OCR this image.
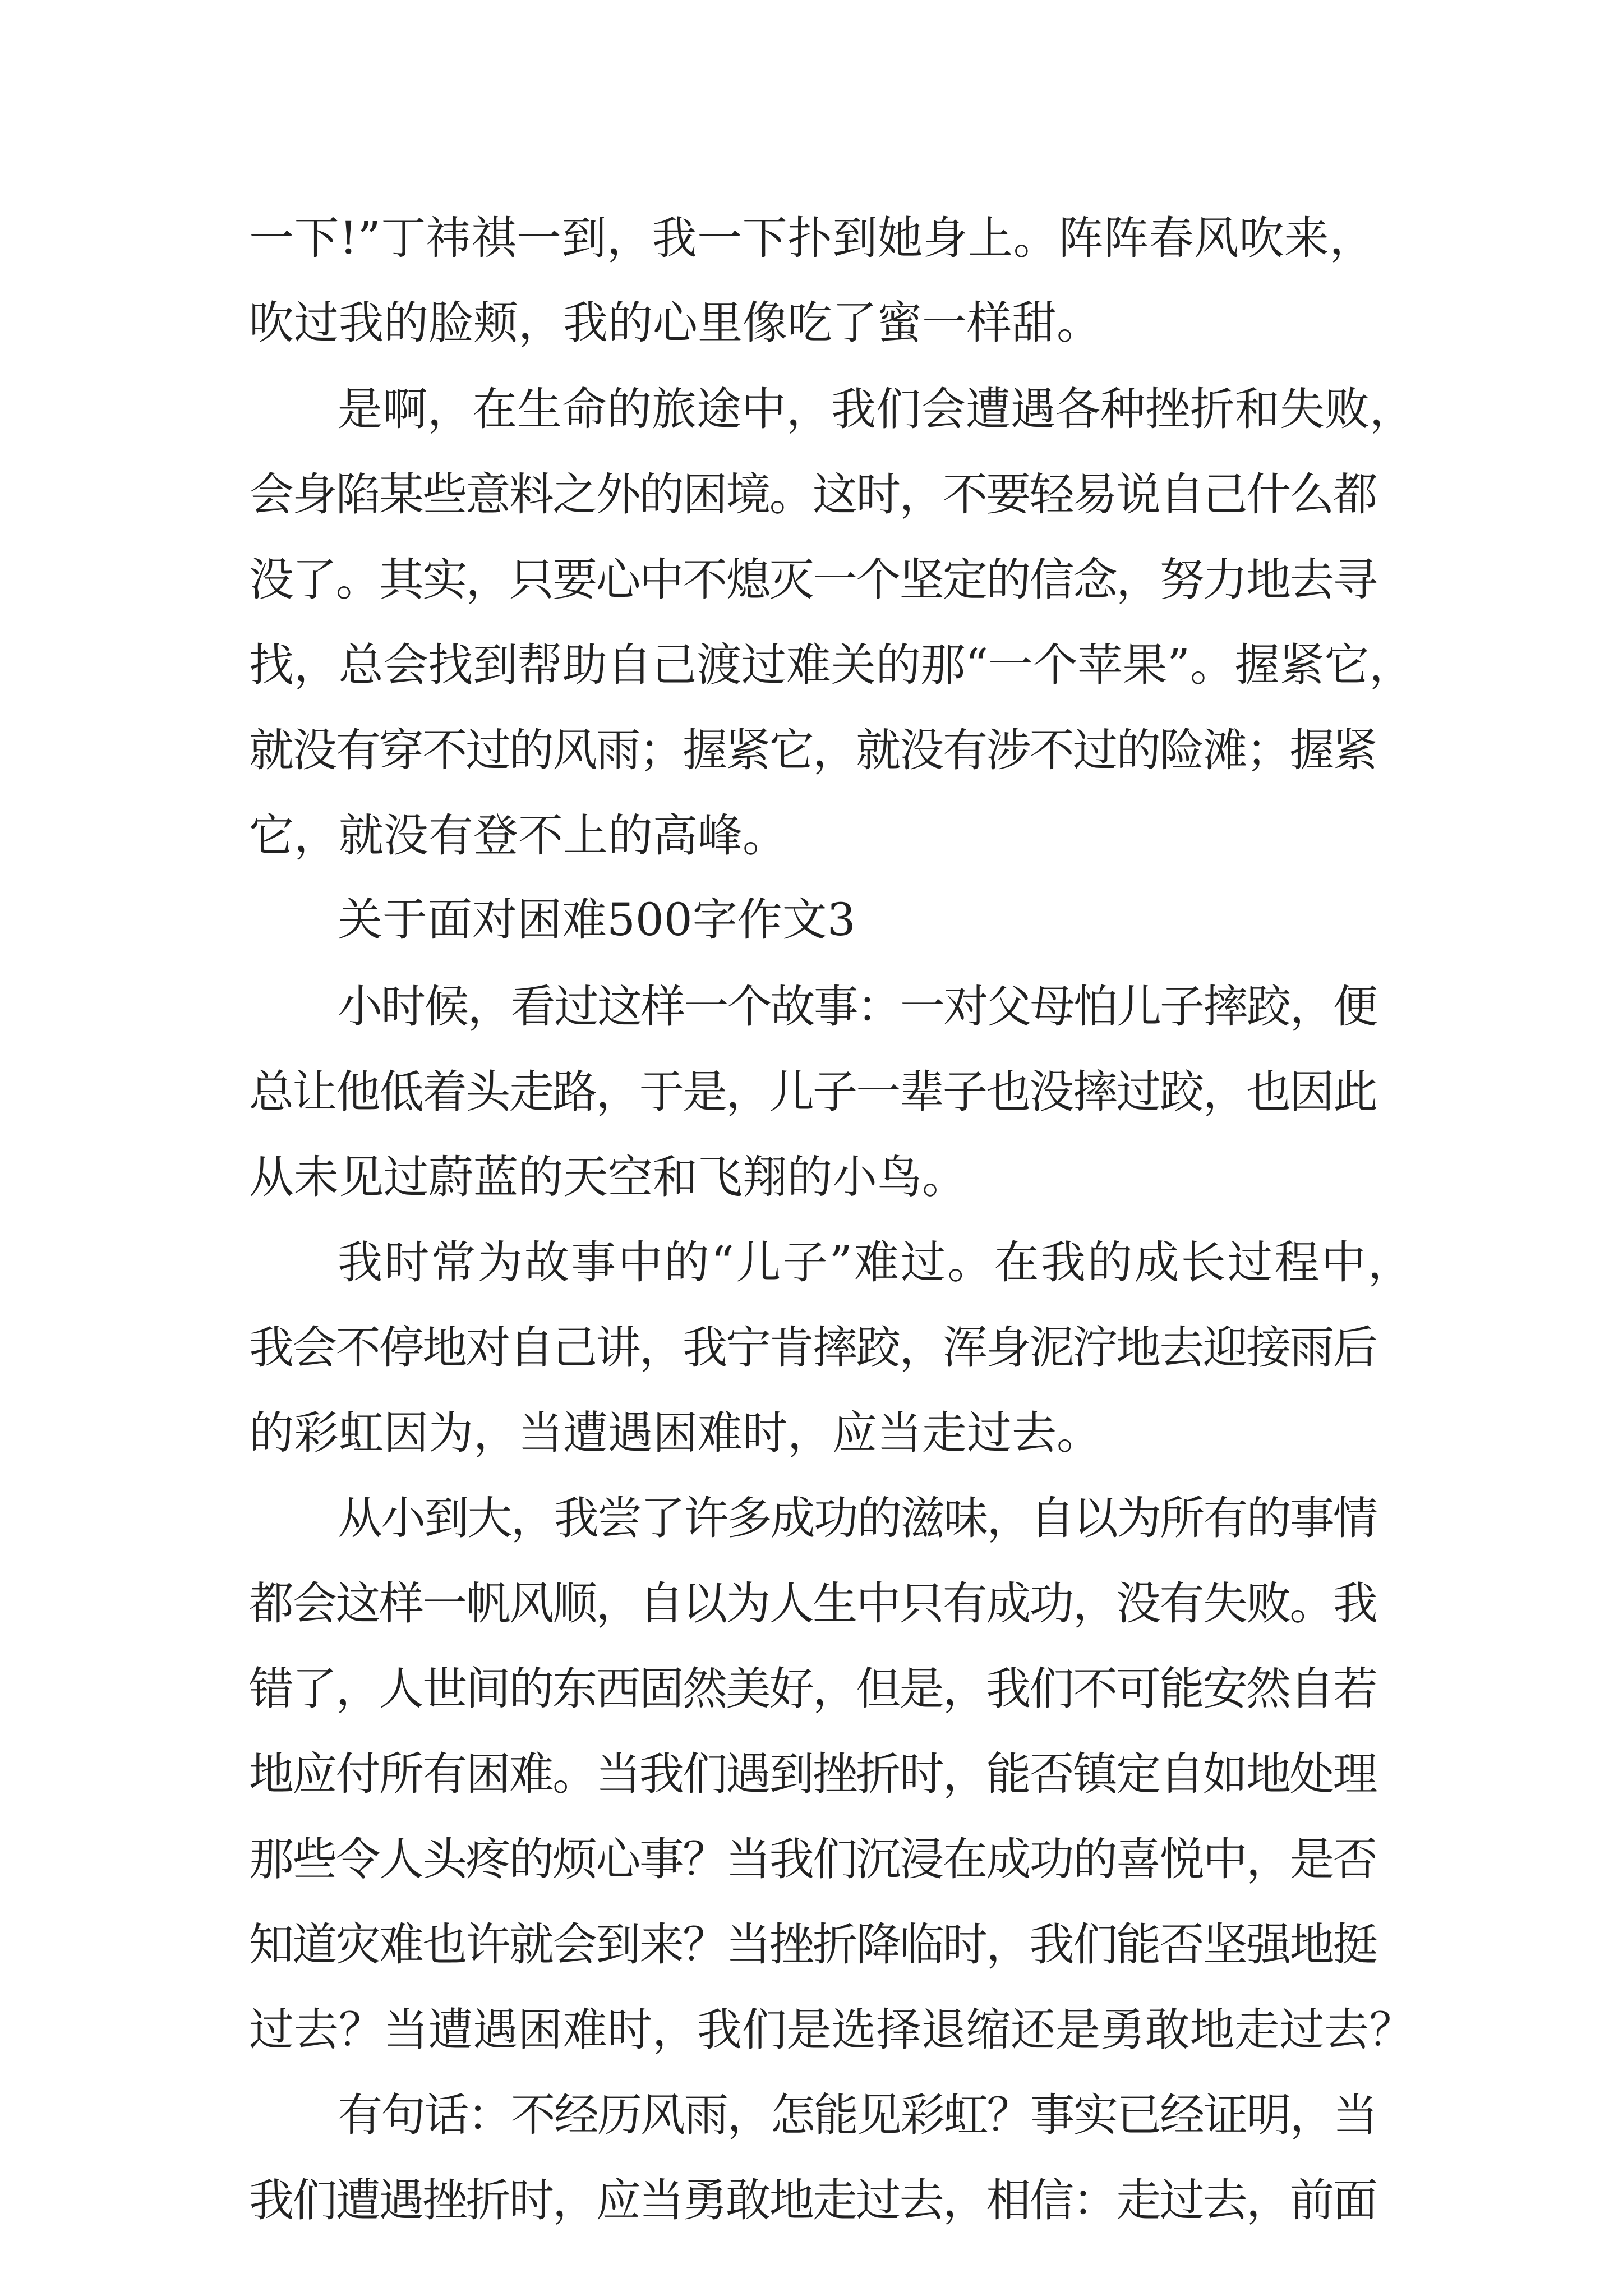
一下!”丁祎祺一到，我一下扑到她身上。阵阵春风吹来，
吹过我的脸颊，我的心里像吃了蜜一样甜。
是啊，在生命的旅途中，我们会遭遇各种挫折和失败，
会身陷某些意料之外的困境。这时，不要轻易说自己什么都
没了。其实，只要心中不熄灭一个坚定的信念，努力地去寻
找，总会找到帮助自己渡过难关的那“一个苹果”。握紧它，
就没有穿不过的风雨；握紧它，就没有涉不过的险滩；握紧
它，就没有登不上的高峰。
关于面对困难500字作文3
小时候，看过这样一个故事：一对父母怕儿子摔跤，便
总让他低着头走路，于是，儿子一辈子也没摔过跤，也因此
从未见过蔚蓝的天空和飞翔的小鸟。
我时常为故事中的“儿子”难过。在我的成长过程中，
我会不停地对自己讲，我宁肯摔跤，浑身泥泞地去迎接雨后
的彩虹因为，当遭遇困难时，应当走过去。
从小到大，我尝了许多成功的滋味，自以为所有的事情
都会这样一帆风顺，自以为人生中只有成功，没有失败。我
错了，人世间的东西固然美好，但是，我们不可能安然自若
地应付所有困难。当我们遇到挫折时，能否镇定自如地处理
那些令人头疼的烦心事？当我们沉浸在成功的喜悦中，是否
知道灾难也许就会到来？当挫折降临时，我们能否坚强地挺
过去？当遭遇困难时，我们是选择退缩还是勇敢地走过去？
有句话：不经历风雨，怎能见彩虹？事实已经证明，当
我们遭遇挫折时，应当勇敢地走过去，相信：走过去，前面
